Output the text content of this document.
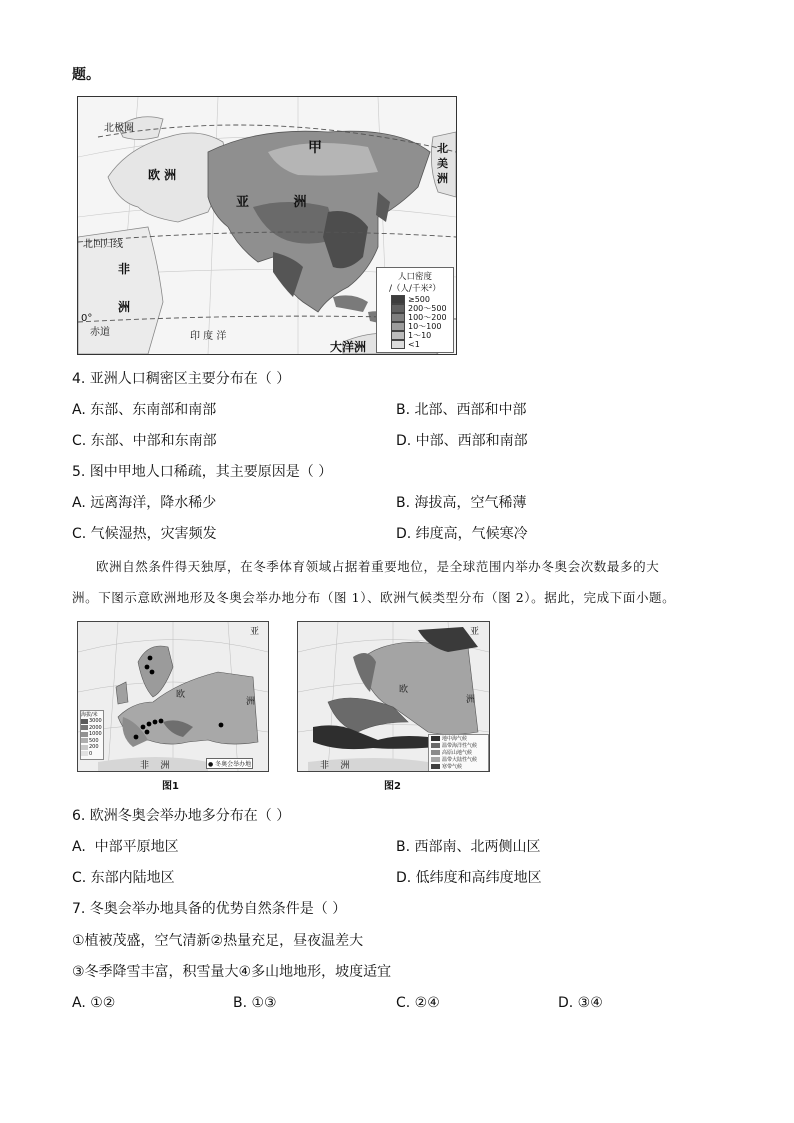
题。
北极圈
欧 洲
亚 洲
甲	北
美
洲
北回归线
非
洲
0°
赤道	印 度 洋
大洋洲
人口密度
/（人/千米²）
≥500
200～500
100～200
10～100
1～10
<1
4. 亚洲人口稠密区主要分布在（ ）
A. 东部、东南部和南部	B. 北部、西部和中部
C. 东部、中部和东南部	D. 中部、西部和南部
5. 图中甲地人口稀疏，其主要原因是（ ）
A. 远离海洋，降水稀少	B. 海拔高，空气稀薄
C. 气候湿热，灾害频发	D. 纬度高，气候寒冷
欧洲自然条件得天独厚，在冬季体育领域占据着重要地位，是全球范围内举办冬奥会次数最多的大
洲。下图示意欧洲地形及冬奥会举办地分布（图 1）、欧洲气候类型分布（图 2）。据此，完成下面小题。
亚
欧
洲
非    洲
海拔/米
3000
2000
1000
500
200
0
● 冬奥会举办地
图1
亚
欧
洲
非    洲
地中海气候
温带海洋性气候
高原山地气候
温带大陆性气候
寒带气候
图2
6. 欧洲冬奥会举办地多分布在（ ）
A.  中部平原地区	B. 西部南、北两侧山区
C. 东部内陆地区	D. 低纬度和高纬度地区
7. 冬奥会举办地具备的优势自然条件是（ ）
①植被茂盛，空气清新②热量充足，昼夜温差大
③冬季降雪丰富，积雪量大④多山地地形，坡度适宜
A. ①②	B. ①③	C. ②④	D. ③④
